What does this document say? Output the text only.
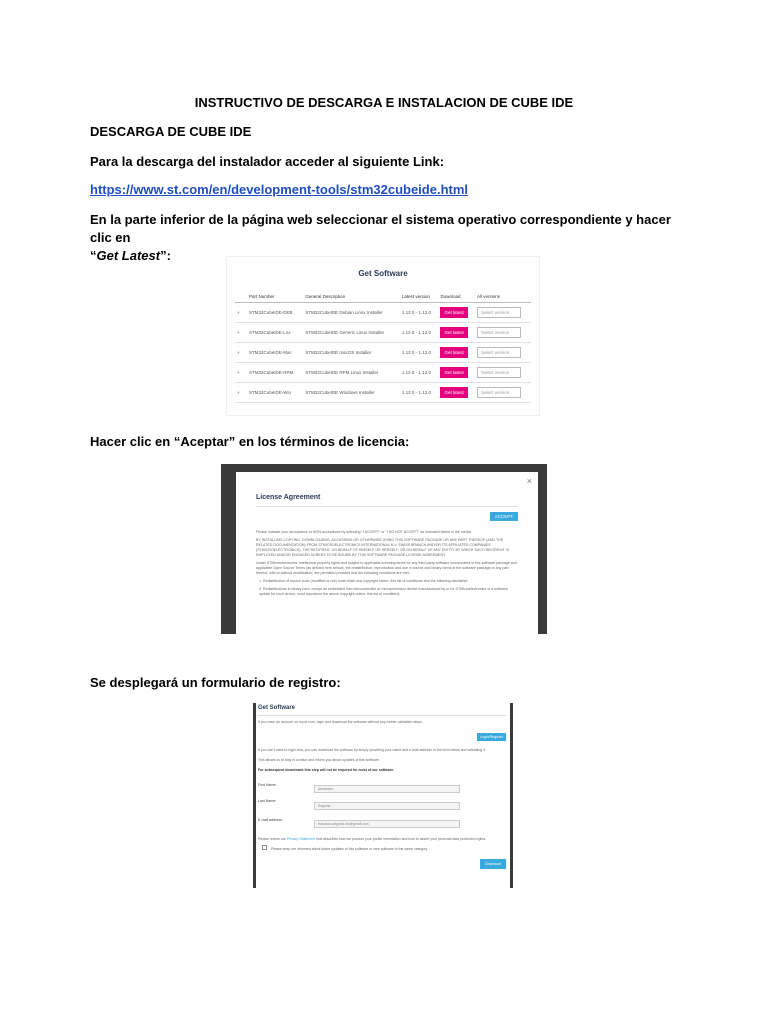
INSTRUCTIVO DE DESCARGA E INSTALACION DE CUBE IDE
DESCARGA DE CUBE IDE
Para la descarga del instalador acceder al siguiente Link:
https://www.st.com/en/development-tools/stm32cubeide.html
En la parte inferior de la página web seleccionar el sistema operativo correspondiente y hacer clic en
“Get Latest”:
Get Software
	Part Number	General Description	Latest version	Download	All versions
+	STM32CubeIDE-DEB	STM32CubeIDE Debian Linux Installer	1.12.0 - 1.12.0	Get latest	Select version
+	STM32CubeIDE-Lnx	STM32CubeIDE Generic Linux Installer	1.12.0 - 1.12.0	Get latest	Select version
+	STM32CubeIDE-Mac	STM32CubeIDE macOS Installer	1.12.0 - 1.12.0	Get latest	Select version
+	STM32CubeIDE-RPM	STM32CubeIDE RPM Linux Installer	1.12.0 - 1.12.0	Get latest	Select version
+	STM32CubeIDE-Win	STM32CubeIDE Windows Installer	1.12.0 - 1.12.0	Get latest	Select version
Hacer clic en “Aceptar” en los términos de licencia:
×
License Agreement
ACCEPT

Please indicate your acceptance or NON-acceptance by selecting "I ACCEPT" or "I DO NOT ACCEPT" as indicated below in the media.

BY INSTALLING COPYING, DOWNLOADING, ACCESSING OR OTHERWISE USING THIS SOFTWARE PACKAGE OR ANY PART THEREOF (AND THE RELATED DOCUMENTATION) FROM STMICROELECTRONICS INTERNATIONAL N.V, SWISS BRANCH AND/OR ITS AFFILIATED COMPANIES (STMICROELECTRONICS), THE RECIPIENT, ON BEHALF OF HIMSELF OR HERSELF, OR ON BEHALF OF ANY ENTITY BY WHICH SUCH RECIPIENT IS EMPLOYED AND/OR ENGAGED AGREES TO BE BOUND BY THIS SOFTWARE PACKAGE LICENSE AGREEMENT.

Under STMicroelectronics' intellectual property rights and subject to applicable licensing terms for any third-party software incorporated in this software package and applicable Open Source Terms (as defined here below), the redistribution, reproduction and use in source and binary forms of the software package or any part thereof, with or without modification, are permitted provided that the following conditions are met:

1. Redistribution of source code (modified or not) must retain any copyright notice, this list of conditions and the following disclaimer.

2. Redistributions in binary form, except as embedded into microcontroller or microprocessor device manufactured by or for STMicroelectronics or a software update for such device, must reproduce the above copyright notice, this list of conditions

Se desplegará un formulario de registro:
Get Software
If you have an account on my.st.com, login and download the software without any further validation steps.
Login/Register
If you don't want to login now, you can download the software by simply providing your name and e-mail address in the form below and validating it.
This allows us to stay in contact and inform you about updates of this software.
For subsequent downloads this step will not be required for most of our software.
First Name:
Alexander
Last Name:
Segovia
E-mail address:
francisco.segovia.tds@gmail.com
Please review our Privacy Statement that describes how we process your profile information and how to assert your personal data protection rights.
Please keep me informed about future updates of this software or new software in the same category.
Download
